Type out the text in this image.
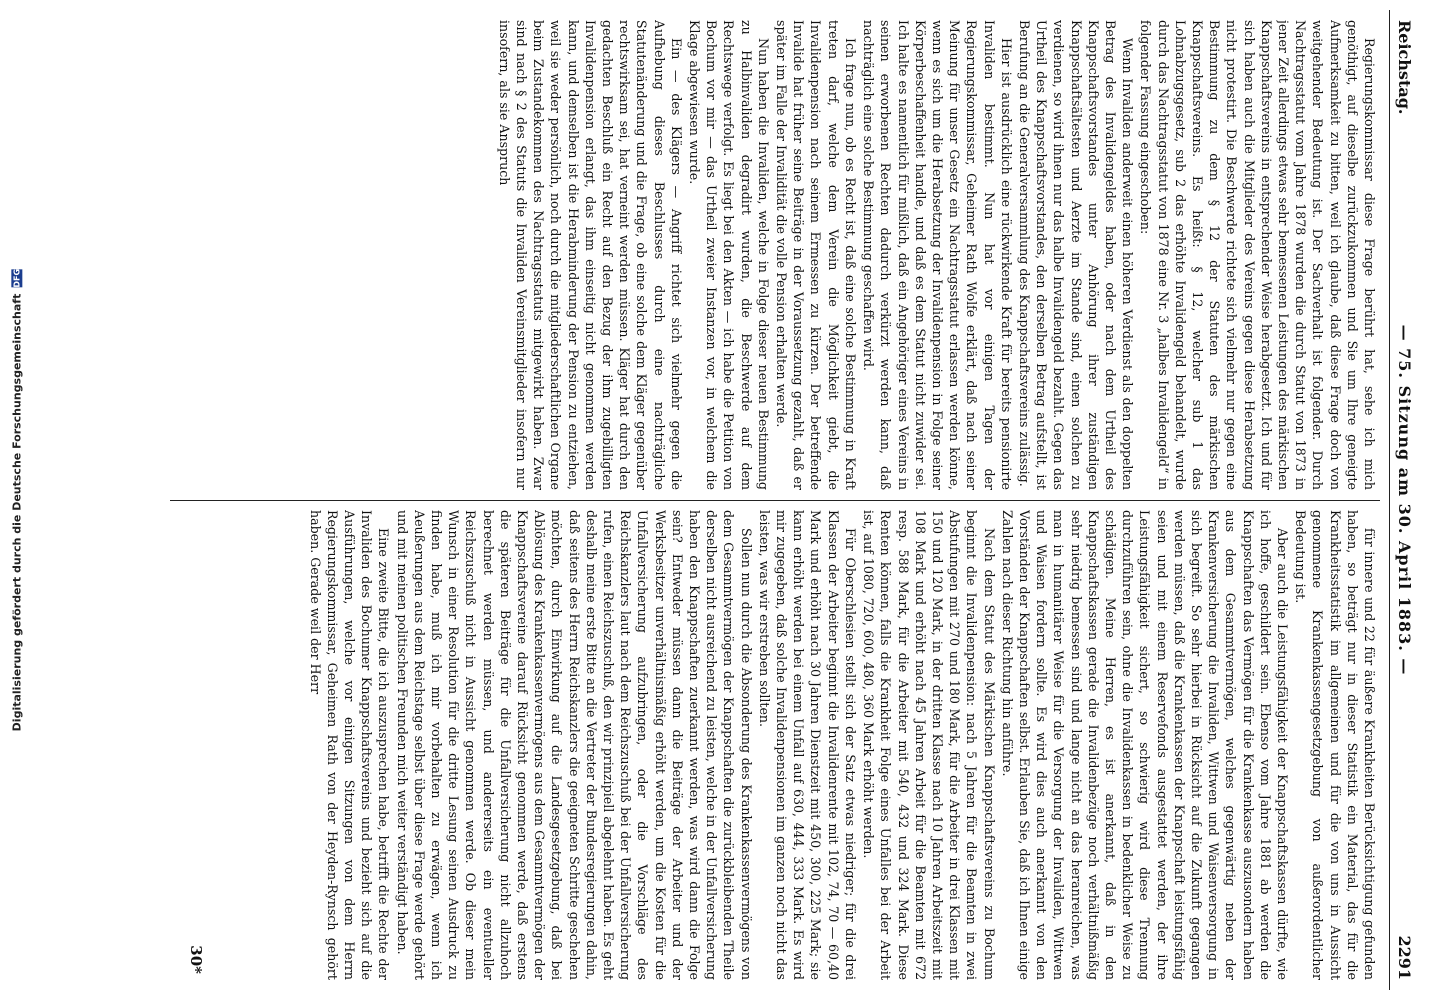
Digitalisierung gefördert durch die Deutsche Forschungsgemeinschaft
DFG
Reichstag.
— 75. Sitzung am 30. April 1883. —
2291

Regierungskommissar diese Frage berührt hat, sehe ich mich genöthigt, auf dieselbe zurückzukommen und Sie um Ihre geneigte Aufmerksamkeit zu bitten, weil ich glaube, daß diese Frage doch von weitgehender Bedeutung ist. Der Sachverhalt ist folgender. Durch Nachtragsstatut vom Jahre 1878 wurden die durch Statut von 1873 in jener Zeit allerdings etwas sehr bemessenen Leistungen des märkischen Knappschaftsvereins in entsprechender Weise herabgesetzt. Ich und für sich haben auch die Mitglieder des Vereins gegen diese Herabsetzung nicht protestirt. Die Beschwerde richtete sich vielmehr nur gegen eine Bestimmung zu dem § 12 der Statuten des märkischen Knappschaftsvereins. Es heißt: § 12, welcher sub 1 das Lohnabzugsgesetz, sub 2 das erhöhte Invalidengeld behandelt, wurde durch das Nachtragsstatut von 1878 eine Nr. 3 „halbes Invalidengeld“ in folgender Fassung eingeschoben:

Wenn Invaliden anderweit einen höheren Verdienst als den doppelten Betrag des Invalidengeldes haben, oder nach dem Urtheil des Knappschaftsvorstandes unter Anhörung ihrer zuständigen Knappschaftsältesten und Aerzte im Stande sind, einen solchen zu verdienen, so wird ihnen nur das halbe Invalidengeld bezahlt. Gegen das Urtheil des Knappschaftsvorstandes, den derselben Betrag aufstellt, ist Berufung an die Generalversammlung des Knappschaftsvereins zulässig.

Hier ist ausdrücklich eine rückwirkende Kraft für bereits pensionirte Invaliden bestimmt. Nun hat vor einigen Tagen der Regierungskommissar, Geheimer Rath Wolfe erklärt, daß nach seiner Meinung für unser Gesetz ein Nachtragsstatut erlassen werden könne, wenn es sich um die Herabsetzung der Invalidenpension in Folge seiner Körperbeschaffenheit handle, und daß es dem Statut nicht zuwider sei. Ich halte es namentlich für mißlich, daß ein Angehöriger eines Vereins in seinen erworbenen Rechten dadurch verkürzt werden kann, daß nachträglich eine solche Bestimmung geschaffen wird.

Ich frage nun, ob es Recht ist, daß eine solche Bestimmung in Kraft treten darf, welche dem Verein die Möglichkeit giebt, die Invalidenpension nach seinem Ermessen zu kürzen. Der betreffende Invalide hat früher seine Beiträge in der Voraussetzung gezahlt, daß er später im Falle der Invalidität die volle Pension erhalten werde.

Nun haben die Invaliden, welche in Folge dieser neuen Bestimmung zu Halbinvaliden degradirt wurden, die Beschwerde auf dem Rechtswege verfolgt. Es liegt bei den Akten — ich habe die Petition von Bochum vor mir — das Urtheil zweier Instanzen vor, in welchem die Klage abgewiesen wurde.

Ein — des Klägers — Angriff richtet sich vielmehr gegen die Aufhebung dieses Beschlusses durch eine nachträgliche Statutenänderung und die Frage, ob eine solche dem Kläger gegenüber rechtswirksam sei, hat verneint werden müssen. Kläger hat durch den gedachten Beschluß ein Recht auf den Bezug der ihm zugebilligten Invalidenpension erlangt, das ihm einseitig nicht genommen werden kann, und demselben ist die Herabminderung der Pension zu entziehen, weil sie weder persönlich, noch durch die mitgliederschaftlichen Organe beim Zustandekommen des Nachtragsstatuts mitgewirkt haben. Zwar sind nach § 2 des Statuts die Invaliden Vereinsmitglieder insofern nur insofern, als sie Anspruch

für innere und 22 für äußere Krankheiten Berücksichtigung gefunden haben, so beträgt nur in dieser Statistik ein Material, das für die Krankheitsstatistik im allgemeinen und für die von uns in Aussicht genommene Krankenkassengesetzgebung von außerordentlicher Bedeutung ist.

Aber auch die Leistungsfähigkeit der Knappschaftskassen dürfte, wie ich hoffe, geschildert sein. Ebenso vom Jahre 1881 ab werden die Knappschaften das Vermögen für die Krankenkasse auszusondern haben aus dem Gesammtvermögen, welches gegenwärtig neben der Krankenversicherung die Invaliden, Wittwen und Waisenversorgung in sich begreift. So sehr hierbei in Rücksicht auf die Zukunft gegangen werden müssen, daß die Krankenkassen der Knappschaft leistungsfähig seien und mit einem Reservefonds ausgestattet werden, der ihre Leistungsfähigkeit sichert, so schwierig wird diese Trennung durchzuführen sein, ohne die Invalidenkassen in bedenklicher Weise zu schädigen. Meine Herren, es ist anerkannt, daß in den Knappschaftskassen gerade die Invalidenbezüge noch verhältnißmäßig sehr niedrig bemessen sind und lange nicht an das heranreichen, was man in humanitärer Weise für die Versorgung der Invaliden, Wittwen und Waisen fordern sollte. Es wird dies auch anerkannt von den Vorständen der Knappschaften selbst. Erlauben Sie, daß ich Ihnen einige Zahlen nach dieser Richtung hin anführe.

Nach dem Statut des Märkischen Knappschaftsvereins zu Bochum beginnt die Invalidenpension: nach 5 Jahren für die Beamten in zwei Abstufungen mit 270 und 180 Mark, für die Arbeiter in drei Klassen mit 150 und 120 Mark, in der dritten Klasse nach 10 Jahren Arbeitszeit mit 108 Mark und erhöht nach 45 Jahren Arbeit für die Beamten mit 672 resp. 588 Mark, für die Arbeiter mit 540, 432 und 324 Mark. Diese Renten können, falls die Krankheit Folge eines Unfalles bei der Arbeit ist, auf 1080, 720, 600, 480, 360 Mark erhöht werden.

Für Oberschlesien stellt sich der Satz etwas niedriger; für die drei Klassen der Arbeiter beginnt die Invalidenrente mit 102, 74, 70 — 60,40 Mark und erhöht nach 30 Jahren Dienstzeit mit 450, 300, 225 Mark; sie kann erhöht werden bei einem Unfall auf 630, 444, 333 Mark. Es wird mir zugegeben, daß solche Invalidenpensionen im ganzen noch nicht das leisten, was wir erstreben sollten.

Sollen nun durch die Absonderung des Krankenkassenvermögens von dem Gesammtvermögen der Knappschaften die zurückbleibenden Theile derselben nicht ausreichend zu leisten, welche in der Unfallversicherung haben den Knappschaften zuerkannt werden, was wird dann die Folge sein? Entweder müssen dann die Beiträge der Arbeiter und der Werksbesitzer unverhältnismäßig erhöht werden, um die Kosten für die Unfallversicherung aufzubringen, oder die Vorschläge des Reichskanzlers laut nach dem Reichszuschuß bei der Unfallversicherung rufen, einen Reichszuschuß, den wir prinzipiell abgelehnt haben. Es geht deshalb meine erste Bitte an die Vertreter der Bundesregierungen dahin, daß seitens des Herrn Reichskanzlers die geeigneten Schritte geschehen möchten, durch Einwirkung auf die Landesgesetzgebung, daß bei Ablösung des Krankenkassenvermögens aus dem Gesammtvermögen der Knappschaftsvereine darauf Rücksicht genommen werde, daß erstens die späteren Beiträge für die Unfallversicherung nicht allzuhoch berechnet werden müssen, und andererseits ein eventueller Reichszuschuß nicht in Aussicht genommen werde. Ob dieser mein Wunsch in einer Resolution für die dritte Lesung seinen Ausdruck zu finden habe, muß ich mir vorbehalten zu erwägen, wenn ich Aeußerungen aus dem Reichstage selbst über diese Frage werde gehört und mit meinen politischen Freunden mich weiter verständigt haben.

Eine zweite Bitte, die ich auszusprechen habe, betrifft die Rechte der Invaliden des Bochumer Knappschaftsvereins und bezieht sich auf die Ausführungen, welche vor einigen Sitzungen von dem Herrn Regierungskommissar, Geheimen Rath von der Heyden-Rynsch gehört haben. Gerade weil der Herr

30*
